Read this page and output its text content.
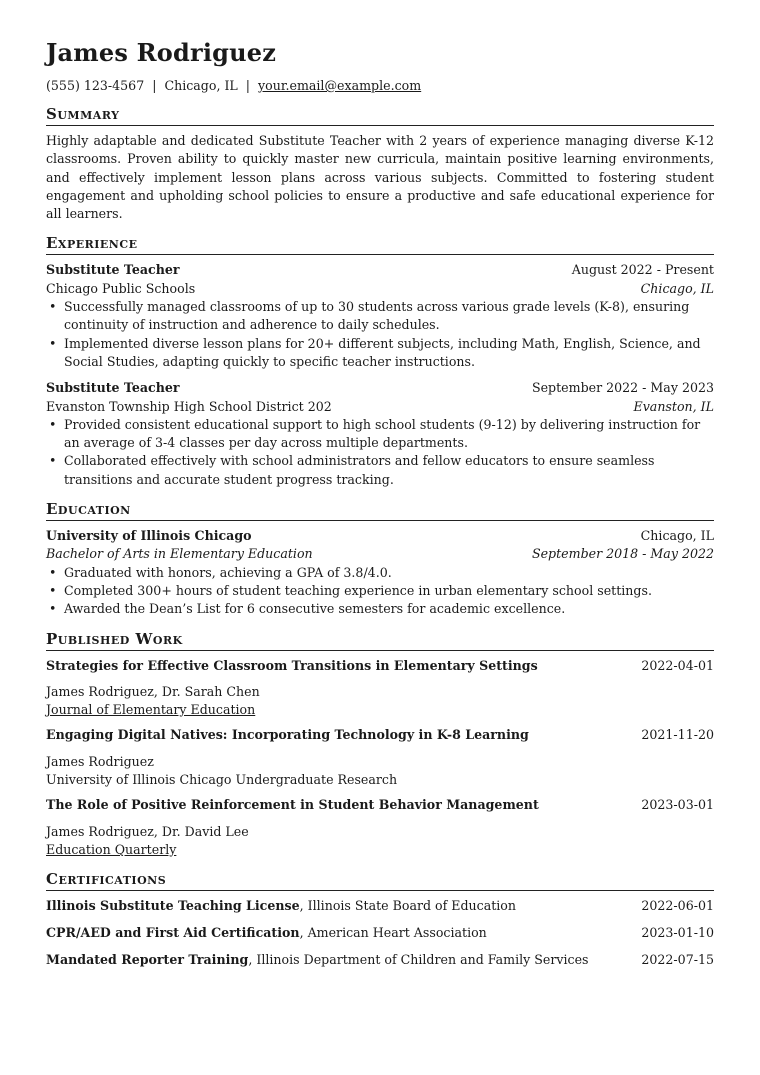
James Rodriguez
(555) 123-4567 | Chicago, IL | your.email@example.com
Summary
Highly adaptable and dedicated Substitute Teacher with 2 years of experience managing diverse K-12 classrooms. Proven ability to quickly master new curricula, maintain positive learning environments, and effectively implement lesson plans across various subjects. Committed to fostering student engagement and upholding school policies to ensure a productive and safe educational experience for all learners.
Experience
Substitute Teacher	August 2022 - Present
Chicago Public Schools	Chicago, IL
• Successfully managed classrooms of up to 30 students across various grade levels (K-8), ensuring continuity of instruction and adherence to daily schedules.
• Implemented diverse lesson plans for 20+ different subjects, including Math, English, Science, and Social Studies, adapting quickly to specific teacher instructions.
Substitute Teacher	September 2022 - May 2023
Evanston Township High School District 202	Evanston, IL
• Provided consistent educational support to high school students (9-12) by delivering instruction for an average of 3-4 classes per day across multiple departments.
• Collaborated effectively with school administrators and fellow educators to ensure seamless transitions and accurate student progress tracking.
Education
University of Illinois Chicago	Chicago, IL
Bachelor of Arts in Elementary Education	September 2018 - May 2022
• Graduated with honors, achieving a GPA of 3.8/4.0.
• Completed 300+ hours of student teaching experience in urban elementary school settings.
• Awarded the Dean’s List for 6 consecutive semesters for academic excellence.
Published Work
Strategies for Effective Classroom Transitions in Elementary Settings	2022-04-01
James Rodriguez, Dr. Sarah Chen
Journal of Elementary Education
Engaging Digital Natives: Incorporating Technology in K-8 Learning	2021-11-20
James Rodriguez
University of Illinois Chicago Undergraduate Research
The Role of Positive Reinforcement in Student Behavior Management	2023-03-01
James Rodriguez, Dr. David Lee
Education Quarterly
Certifications
Illinois Substitute Teaching License, Illinois State Board of Education	2022-06-01
CPR/AED and First Aid Certification, American Heart Association	2023-01-10
Mandated Reporter Training, Illinois Department of Children and Family Services	2022-07-15
